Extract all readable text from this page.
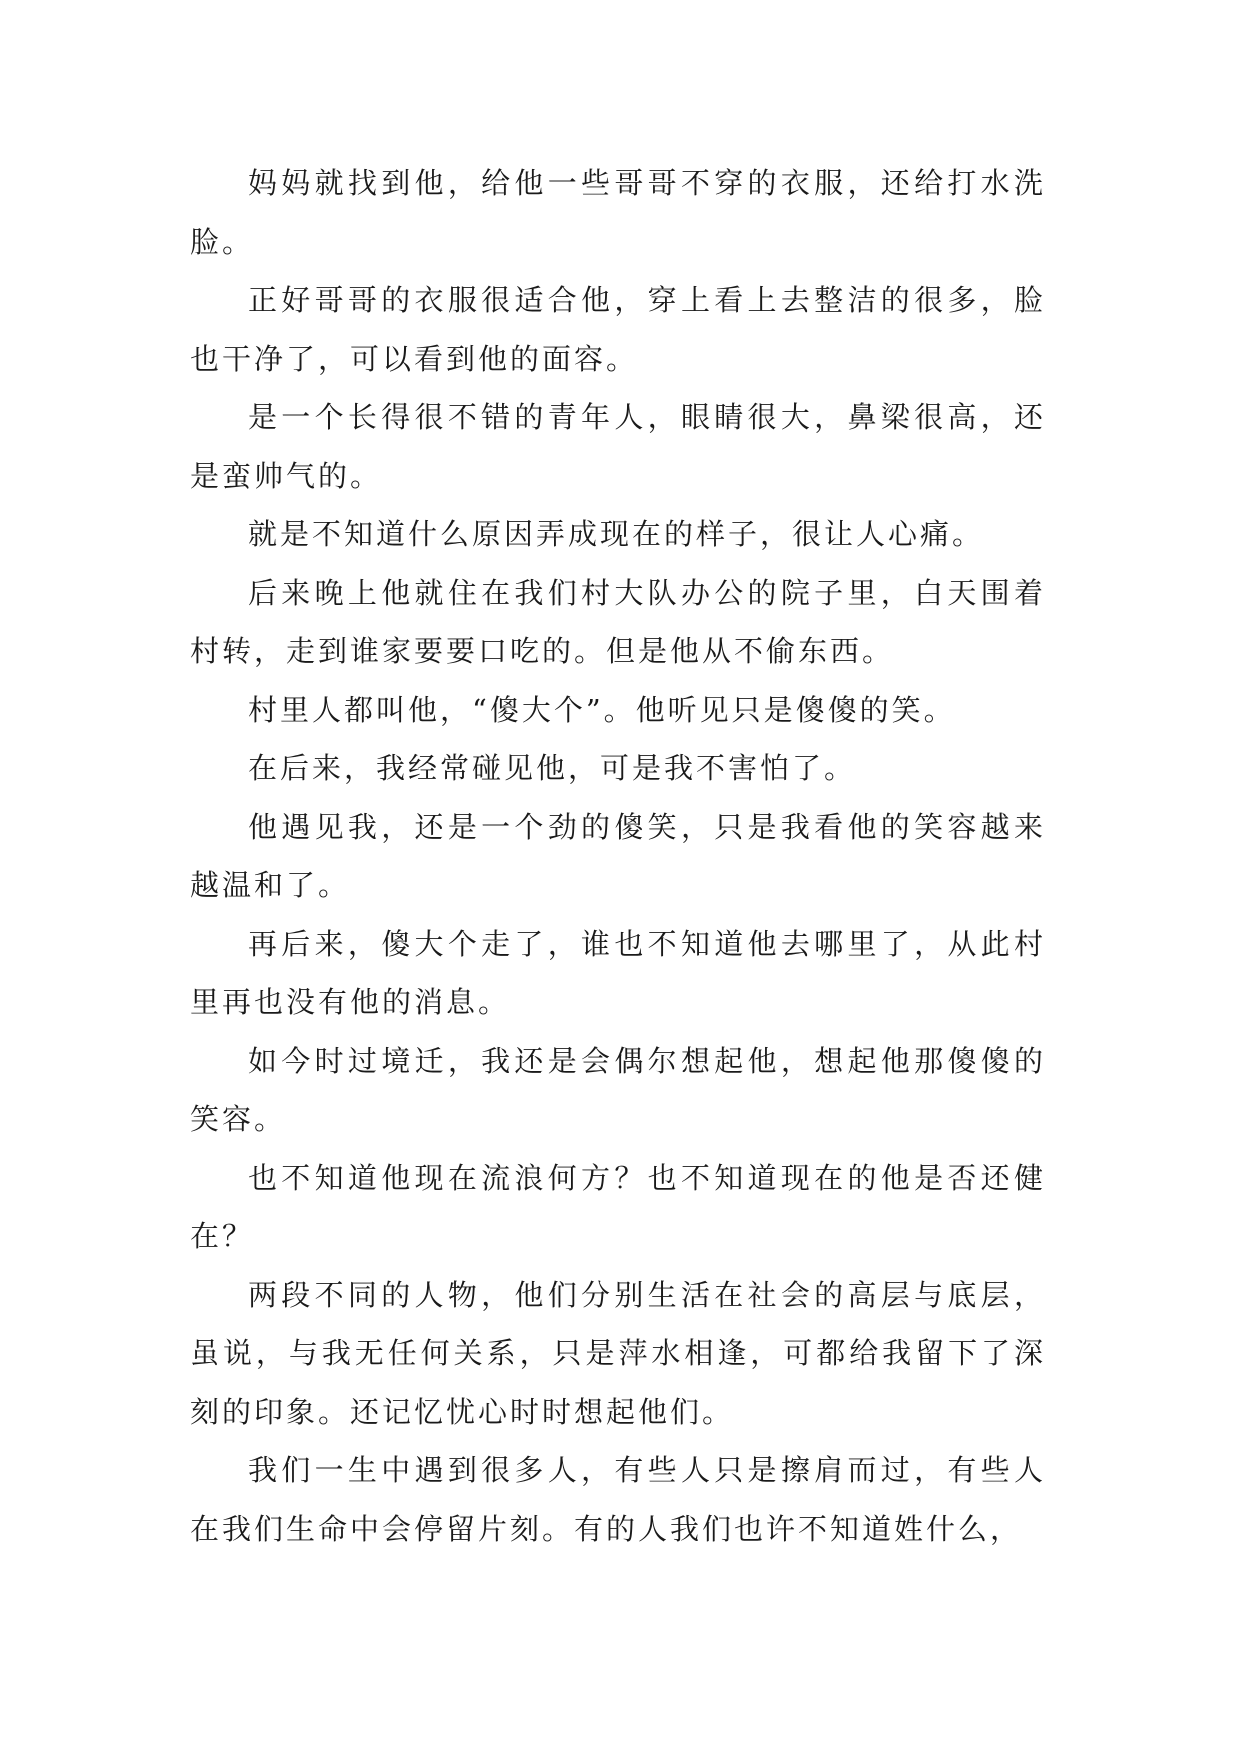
妈妈就找到他，给他一些哥哥不穿的衣服，还给打水洗脸。

正好哥哥的衣服很适合他，穿上看上去整洁的很多，脸也干净了，可以看到他的面容。

是一个长得很不错的青年人，眼睛很大，鼻梁很高，还是蛮帅气的。

就是不知道什么原因弄成现在的样子，很让人心痛。

后来晚上他就住在我们村大队办公的院子里，白天围着村转，走到谁家要要口吃的。但是他从不偷东西。

村里人都叫他，“傻大个”。他听见只是傻傻的笑。

在后来，我经常碰见他，可是我不害怕了。

他遇见我，还是一个劲的傻笑，只是我看他的笑容越来越温和了。

再后来，傻大个走了，谁也不知道他去哪里了，从此村里再也没有他的消息。

如今时过境迁，我还是会偶尔想起他，想起他那傻傻的笑容。

也不知道他现在流浪何方？也不知道现在的他是否还健在？

两段不同的人物，他们分别生活在社会的高层与底层，虽说，与我无任何关系，只是萍水相逢，可都给我留下了深刻的印象。还记忆忧心时时想起他们。

我们一生中遇到很多人，有些人只是擦肩而过，有些人在我们生命中会停留片刻。有的人我们也许不知道姓什么，
